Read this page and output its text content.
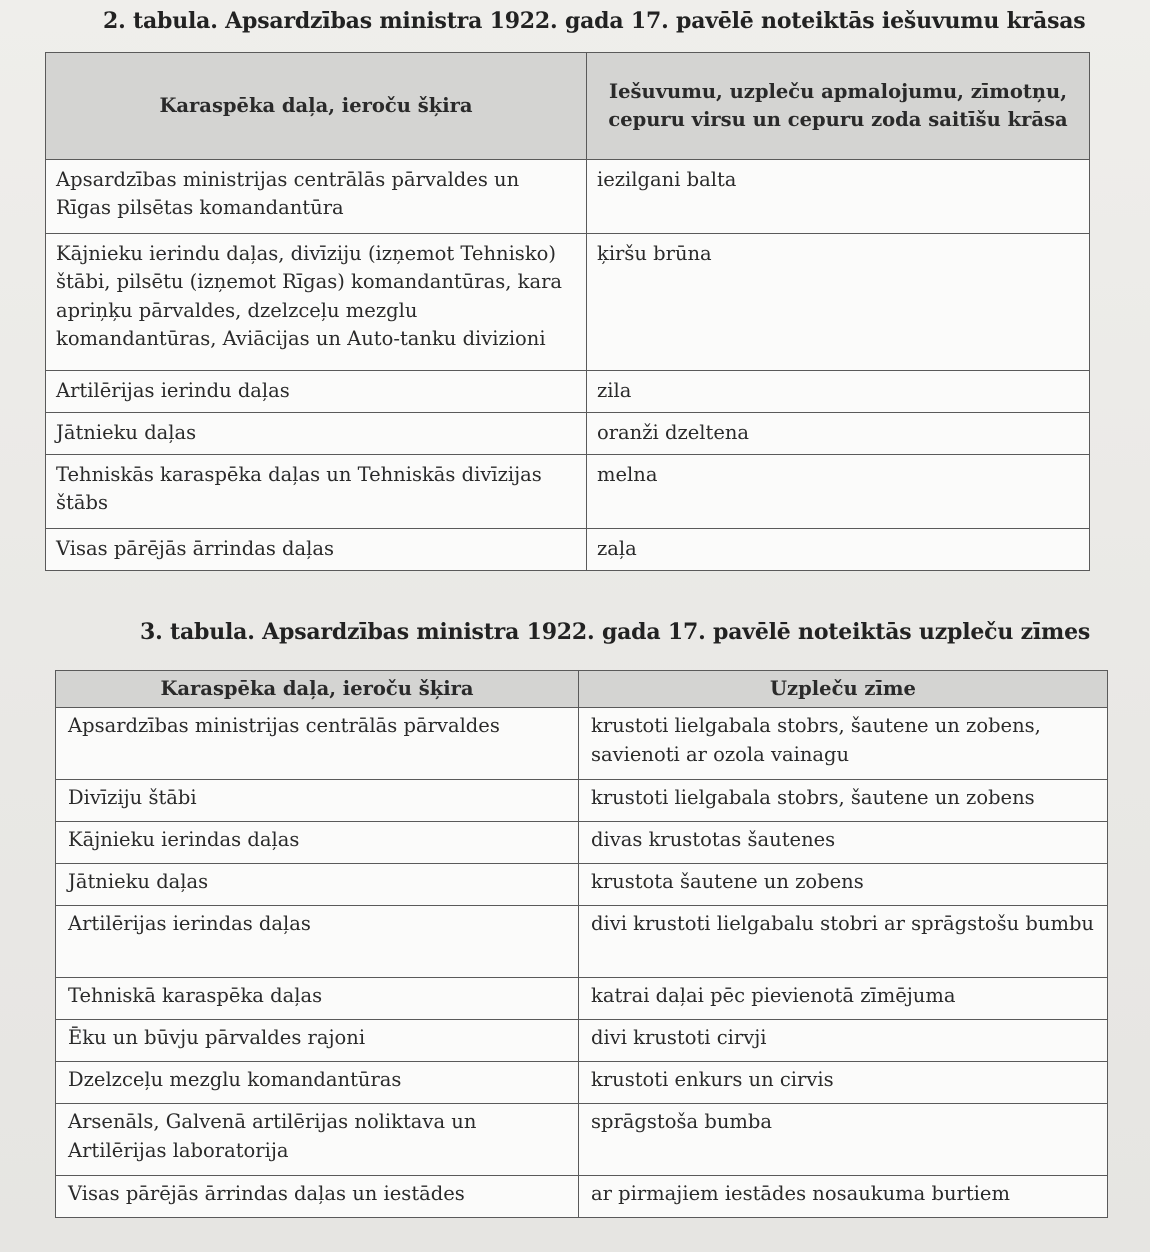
2. tabula. Apsardzības ministra 1922. gada 17. pavēlē noteiktās iešuvumu krāsas
Karaspēka daļa, ieroču šķira	Iešuvumu, uzpleču apmalojumu, zīmotņu, cepuru virsu un cepuru zoda saitīšu krāsa
Apsardzības ministrijas centrālās pārvaldes un Rīgas pilsētas komandantūra	iezilgani balta
Kājnieku ierindu daļas, divīziju (izņemot Tehnisko) štābi, pilsētu (izņemot Rīgas) komandantūras, kara apriņķu pārvaldes, dzelzceļu mezglu komandantūras, Aviācijas un Auto-tanku divizioni	ķiršu brūna
Artilērijas ierindu daļas	zila
Jātnieku daļas	oranži dzeltena
Tehniskās karaspēka daļas un Tehniskās divīzijas štābs	melna
Visas pārējās ārrindas daļas	zaļa
3. tabula. Apsardzības ministra 1922. gada 17. pavēlē noteiktās uzpleču zīmes
Karaspēka daļa, ieroču šķira	Uzpleču zīme
Apsardzības ministrijas centrālās pārvaldes	krustoti lielgabala stobrs, šautene un zobens, savienoti ar ozola vainagu
Divīziju štābi	krustoti lielgabala stobrs, šautene un zobens
Kājnieku ierindas daļas	divas krustotas šautenes
Jātnieku daļas	krustota šautene un zobens
Artilērijas ierindas daļas	divi krustoti lielgabalu stobri ar sprāgstošu bumbu
Tehniskā karaspēka daļas	katrai daļai pēc pievienotā zīmējuma
Ēku un būvju pārvaldes rajoni	divi krustoti cirvji
Dzelzceļu mezglu komandantūras	krustoti enkurs un cirvis
Arsenāls, Galvenā artilērijas noliktava un Artilērijas laboratorija	sprāgstoša bumba
Visas pārējās ārrindas daļas un iestādes	ar pirmajiem iestādes nosaukuma burtiem
